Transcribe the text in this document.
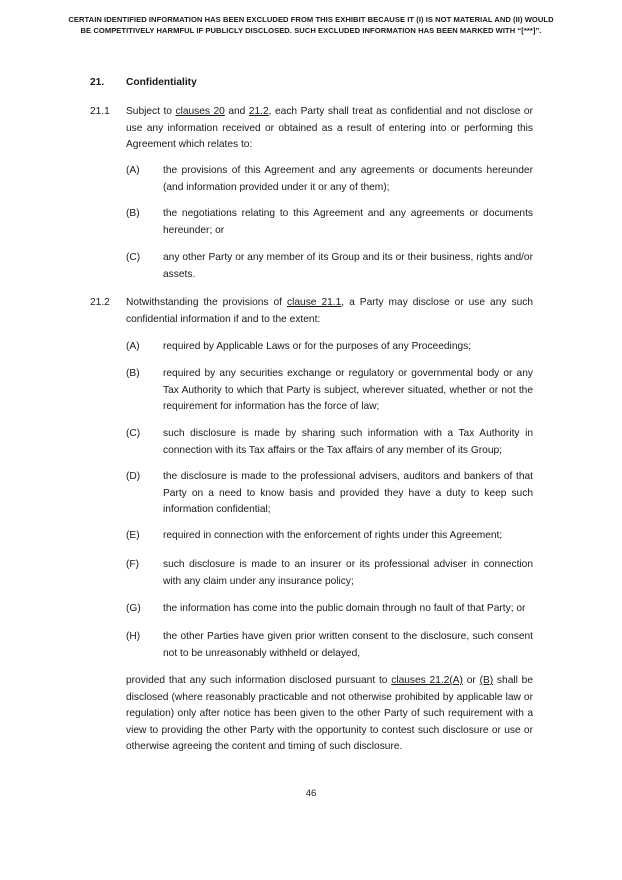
CERTAIN IDENTIFIED INFORMATION HAS BEEN EXCLUDED FROM THIS EXHIBIT BECAUSE IT (I) IS NOT MATERIAL AND (II) WOULD
BE COMPETITIVELY HARMFUL IF PUBLICLY DISCLOSED. SUCH EXCLUDED INFORMATION HAS BEEN MARKED WITH “[***]”.
21. Confidentiality
21.1 Subject to clauses 20 and 21.2, each Party shall treat as confidential and not disclose or use any information received or obtained as a result of entering into or performing this Agreement which relates to:
(A) the provisions of this Agreement and any agreements or documents hereunder (and information provided under it or any of them);
(B) the negotiations relating to this Agreement and any agreements or documents hereunder; or
(C) any other Party or any member of its Group and its or their business, rights and/or assets.
21.2 Notwithstanding the provisions of clause 21.1, a Party may disclose or use any such confidential information if and to the extent:
(A) required by Applicable Laws or for the purposes of any Proceedings;
(B) required by any securities exchange or regulatory or governmental body or any Tax Authority to which that Party is subject, wherever situated, whether or not the requirement for information has the force of law;
(C) such disclosure is made by sharing such information with a Tax Authority in connection with its Tax affairs or the Tax affairs of any member of its Group;
(D) the disclosure is made to the professional advisers, auditors and bankers of that Party on a need to know basis and provided they have a duty to keep such information confidential;
(E) required in connection with the enforcement of rights under this Agreement;
(F) such disclosure is made to an insurer or its professional adviser in connection with any claim under any insurance policy;
(G) the information has come into the public domain through no fault of that Party; or
(H) the other Parties have given prior written consent to the disclosure, such consent not to be unreasonably withheld or delayed,
provided that any such information disclosed pursuant to clauses 21.2(A) or (B) shall be disclosed (where reasonably practicable and not otherwise prohibited by applicable law or regulation) only after notice has been given to the other Party of such requirement with a view to providing the other Party with the opportunity to contest such disclosure or use or otherwise agreeing the content and timing of such disclosure.
46
